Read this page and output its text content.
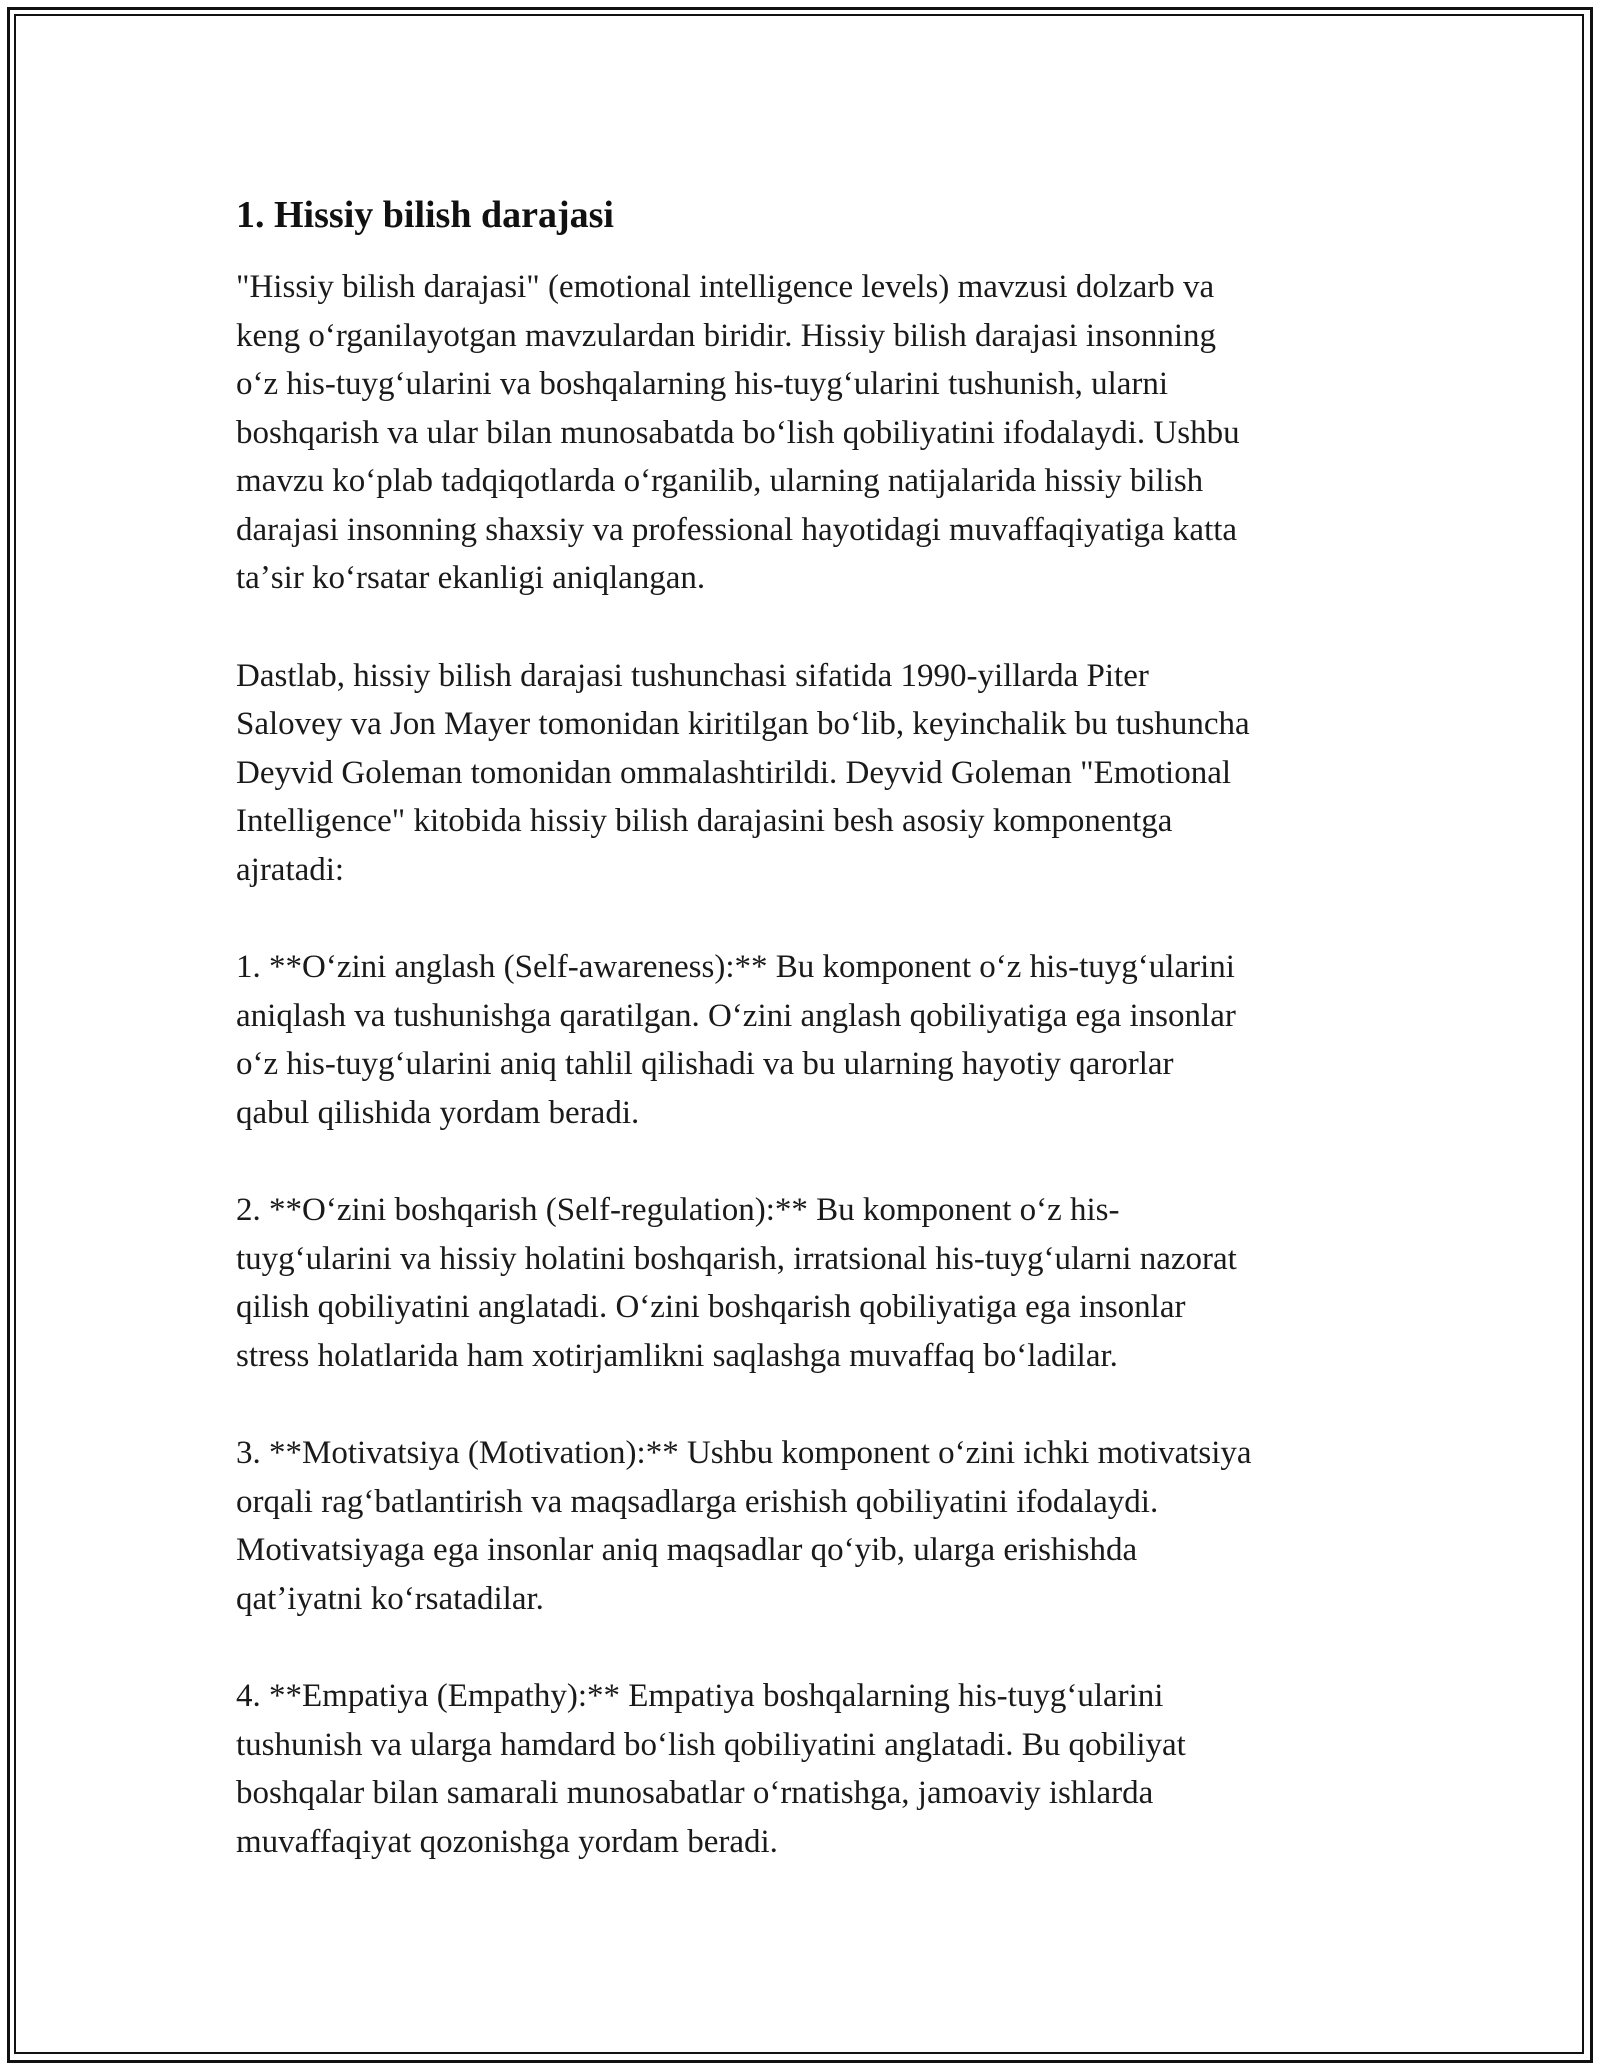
1. Hissiy bilish darajasi

"Hissiy bilish darajasi" (emotional intelligence levels) mavzusi dolzarb va
keng oʻrganilayotgan mavzulardan biridir. Hissiy bilish darajasi insonning
oʻz his-tuygʻularini va boshqalarning his-tuygʻularini tushunish, ularni
boshqarish va ular bilan munosabatda boʻlish qobiliyatini ifodalaydi. Ushbu
mavzu koʻplab tadqiqotlarda oʻrganilib, ularning natijalarida hissiy bilish
darajasi insonning shaxsiy va professional hayotidagi muvaffaqiyatiga katta
taʼsir koʻrsatar ekanligi aniqlangan.

Dastlab, hissiy bilish darajasi tushunchasi sifatida 1990-yillarda Piter
Salovey va Jon Mayer tomonidan kiritilgan boʻlib, keyinchalik bu tushuncha
Deyvid Goleman tomonidan ommalashtirildi. Deyvid Goleman "Emotional
Intelligence" kitobida hissiy bilish darajasini besh asosiy komponentga
ajratadi:

1. **Oʻzini anglash (Self-awareness):** Bu komponent oʻz his-tuygʻularini
aniqlash va tushunishga qaratilgan. Oʻzini anglash qobiliyatiga ega insonlar
oʻz his-tuygʻularini aniq tahlil qilishadi va bu ularning hayotiy qarorlar
qabul qilishida yordam beradi.

2. **Oʻzini boshqarish (Self-regulation):** Bu komponent oʻz his-
tuygʻularini va hissiy holatini boshqarish, irratsional his-tuygʻularni nazorat
qilish qobiliyatini anglatadi. Oʻzini boshqarish qobiliyatiga ega insonlar
stress holatlarida ham xotirjamlikni saqlashga muvaffaq boʻladilar.

3. **Motivatsiya (Motivation):** Ushbu komponent oʻzini ichki motivatsiya
orqali ragʻbatlantirish va maqsadlarga erishish qobiliyatini ifodalaydi.
Motivatsiyaga ega insonlar aniq maqsadlar qoʻyib, ularga erishishda
qatʼiyatni koʻrsatadilar.

4. **Empatiya (Empathy):** Empatiya boshqalarning his-tuygʻularini
tushunish va ularga hamdard boʻlish qobiliyatini anglatadi. Bu qobiliyat
boshqalar bilan samarali munosabatlar oʻrnatishga, jamoaviy ishlarda
muvaffaqiyat qozonishga yordam beradi.
